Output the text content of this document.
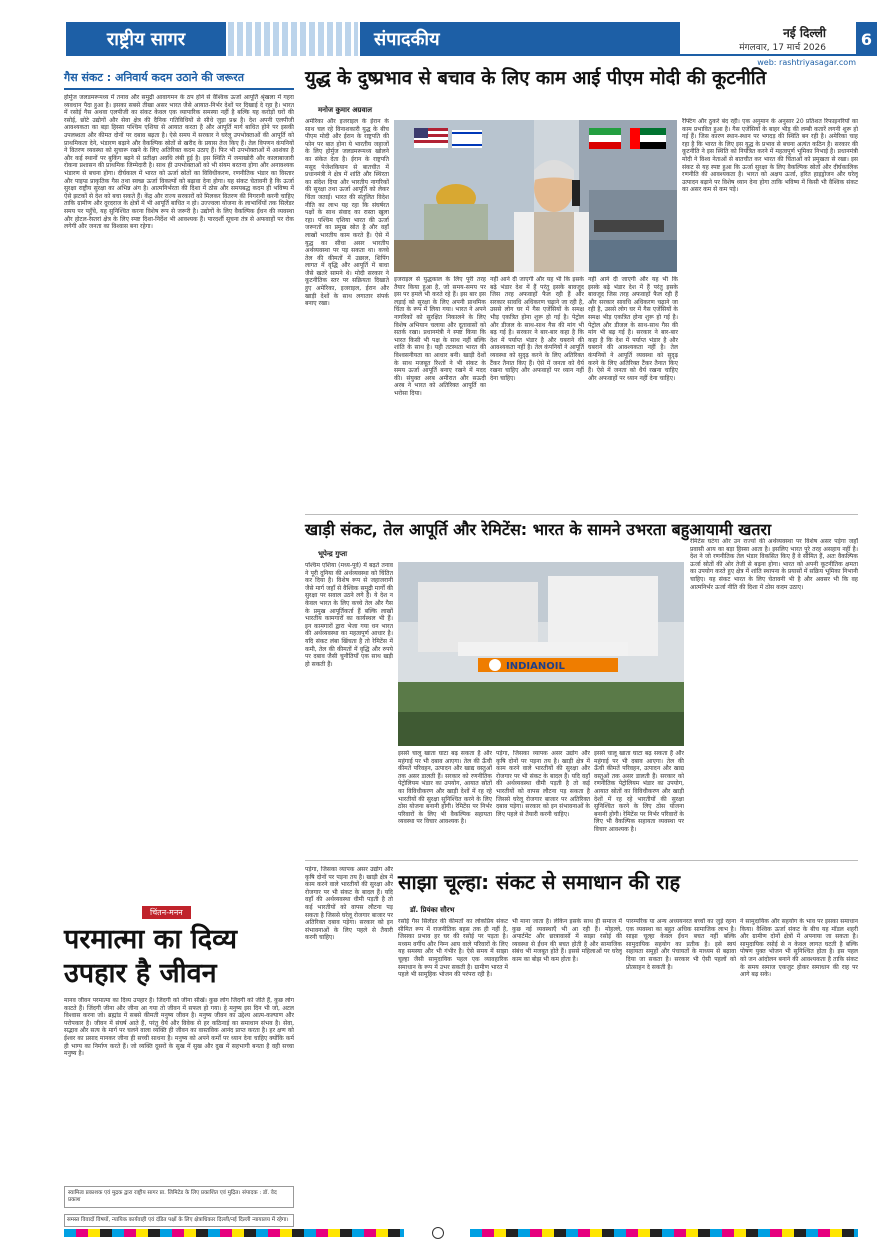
राष्ट्रीय सागर	संपादकीय	नई दिल्ली
मंगलवार, 17 मार्च 2026	6
web: rashtriyasagar.com
गैस संकट : अनिवार्य कदम उठाने की जरूरत
होर्मुज जलडमरूमध्य में तनाव और समुद्री आवागमन के ठप होने से वैश्विक ऊर्जा आपूर्ति श्रृंखला में गहरा व्यवधान पैदा हुआ है। इसका सबसे तीखा असर भारत जैसे आयात-निर्भर देशों पर दिखाई दे रहा है। भारत में रसोई गैस अथवा एलपीजी का संकट केवल एक व्यापारिक समस्या नहीं है बल्कि यह करोड़ों घरों की रसोई, छोटे उद्योगों और सेवा क्षेत्र की दैनिक गतिविधियों से सीधे जुड़ा प्रश्न है। देश अपनी एलपीजी आवश्यकता का बड़ा हिस्सा पश्चिम एशिया से आयात करता है और आपूर्ति मार्ग बाधित होने पर इसकी उपलब्धता और कीमत दोनों पर दबाव बढ़ता है। ऐसे समय में सरकार ने घरेलू उपभोक्ताओं की आपूर्ति को प्राथमिकता देने, भंडारण बढ़ाने और वैकल्पिक स्रोतों से खरीद के प्रयास तेज किए हैं। तेल विपणन कंपनियों ने वितरण व्यवस्था को सुचारू रखने के लिए अतिरिक्त कदम उठाए हैं। फिर भी उपभोक्ताओं में आशंका है और कई स्थानों पर बुकिंग बढ़ने से प्रतीक्षा अवधि लंबी हुई है। इस स्थिति में जमाखोरी और कालाबाजारी रोकना प्रशासन की प्राथमिक जिम्मेदारी है। साथ ही उपभोक्ताओं को भी संयम बरतना होगा और अनावश्यक भंडारण से बचना होगा। दीर्घकाल में भारत को ऊर्जा स्रोतों का विविधीकरण, रणनीतिक भंडार का विस्तार और पाइप्ड प्राकृतिक गैस तथा स्वच्छ ऊर्जा विकल्पों को बढ़ावा देना होगा। यह संकट चेतावनी है कि ऊर्जा सुरक्षा राष्ट्रीय सुरक्षा का अभिन्न अंग है। आत्मनिर्भरता की दिशा में ठोस और समयबद्ध कदम ही भविष्य में ऐसे झटकों से देश को बचा सकते हैं। केंद्र और राज्य सरकारों को मिलकर वितरण की निगरानी करनी चाहिए ताकि ग्रामीण और दूरदराज के क्षेत्रों में भी आपूर्ति बाधित न हो। उज्ज्वला योजना के लाभार्थियों तक सिलेंडर समय पर पहुँचे, यह सुनिश्चित करना विशेष रूप से जरूरी है। उद्योगों के लिए वैकल्पिक ईंधन की व्यवस्था और होटल-रेस्तरां क्षेत्र के लिए स्पष्ट दिशा-निर्देश भी आवश्यक हैं। पारदर्शी सूचना तंत्र से अफवाहों पर रोक लगेगी और जनता का विश्वास बना रहेगा।
चिंतन-मनन
परमात्मा का दिव्य उपहार है जीवन
मानव जीवन परमात्मा का दिव्य उपहार है। जिंदगी को जीना सीखें। कुछ लोग जिंदगी को जीते हैं, कुछ लोग काटते हैं। जिंदगी जीना और जीना आ गया तो जीवन में सफल हो गया। हे मनुष्य इस दिन भी जो, अटल विश्वास करना जो। ब्रह्मांड में सबसे कीमती मनुष्य जीवन है। मनुष्य जीवन का उद्देश्य आत्म-कल्याण और परोपकार है। जीवन में संघर्ष आते हैं, परंतु धैर्य और विवेक से हर कठिनाई का समाधान संभव है। सेवा, सद्भाव और सत्य के मार्ग पर चलने वाला व्यक्ति ही जीवन का वास्तविक आनंद प्राप्त करता है। हर क्षण को ईश्वर का प्रसाद मानकर जीना ही सच्ची साधना है। मनुष्य को अपने कर्मों पर ध्यान देना चाहिए क्योंकि कर्म ही भाग्य का निर्माण करते हैं। जो व्यक्ति दूसरों के सुख में सुख और दुख में सहभागी बनता है वही सच्चा मनुष्य है।
स्वामित्व प्रकाशक एवं मुद्रक द्वारा राष्ट्रीय सागर प्रा. लिमिटेड के लिए प्रकाशित एवं मुद्रित। संपादक : डॉ. वेद प्रकाश
समस्त विवादों विषयों, न्यायिक कार्यवाही एवं दंडित पक्षों के लिए क्षेत्राधिकार दिल्ली/नई दिल्ली न्यायालय में रहेगा।
युद्ध के दुष्प्रभाव से बचाव के लिए काम आई पीएम मोदी की कूटनीति
मनोज कुमार अग्रवाल
अमेरिका और इजराइल के ईरान के साथ चल रहे विनाशकारी युद्ध के बीच पीएम मोदी और ईरान के राष्ट्रपति की फोन पर बात होना ये भारतीय जहाजों के लिए होर्मुज जलडमरूमध्य खोलने का संकेत देता है। ईरान के राष्ट्रपति मसूद पेजेशकियान से बातचीत में प्रधानमंत्री ने क्षेत्र में शांति और स्थिरता का संदेश दिया और भारतीय नागरिकों की सुरक्षा तथा ऊर्जा आपूर्ति को लेकर चिंता जताई। भारत की संतुलित विदेश नीति का लाभ यह रहा कि संघर्षरत पक्षों के साथ संवाद का रास्ता खुला रहा। पश्चिम एशिया भारत की ऊर्जा जरूरतों का प्रमुख स्रोत है और वहाँ लाखों भारतीय काम करते हैं। ऐसे में युद्ध का सीधा असर भारतीय अर्थव्यवस्था पर पड़ सकता था। कच्चे तेल की कीमतों में उछाल, शिपिंग लागत में वृद्धि और आपूर्ति में बाधा जैसे खतरे सामने थे। मोदी सरकार ने कूटनीतिक स्तर पर सक्रियता दिखाते हुए अमेरिका, इजराइल, ईरान और खाड़ी देशों के साथ लगातार संपर्क बनाए रखा।
इजराइल से युद्धकाल के लिए पूरी तरह तैयार किया हुआ है, जो समय-समय पर इस पर हमले भी करते रहे हैं। इस बार इस लड़ाई को सुरक्षा के लिए अपनी प्राथमिक चिंता के रूप में लिया गया। भारत ने अपने नागरिकों को सुरक्षित निकालने के लिए विशेष अभियान चलाया और दूतावासों को सतर्क रखा। प्रधानमंत्री ने स्पष्ट किया कि भारत किसी भी पक्ष के साथ नहीं बल्कि शांति के साथ है। यही तटस्थता भारत की विश्वसनीयता का आधार बनी। खाड़ी देशों के साथ मजबूत रिश्तों ने भी संकट के समय ऊर्जा आपूर्ति बनाए रखने में मदद की। संयुक्त अरब अमीरात और सऊदी अरब ने भारत को अतिरिक्त आपूर्ति का भरोसा दिया।
नहीं आने दी जाएगी और यह भी कि इसके बढ़े भंडार देश में हैं परंतु इसके बावजूद जिस तरह अफवाहों फैल रही हैं और सरकार सावधि अधिकरण चढ़ाने जा रही है, उससे लोग घर में गैस एजेंसियों के समक्ष भीड़ एकत्रित होना शुरू हो गई है। पेट्रोल और डीजल के साथ-साथ गैस की मांग भी बढ़ गई है। सरकार ने बार-बार कहा है कि देश में पर्याप्त भंडार है और घबराने की आवश्यकता नहीं है। तेल कंपनियों ने आपूर्ति व्यवस्था को सुदृढ़ करने के लिए अतिरिक्त टैंकर तैनात किए हैं। ऐसे में जनता को धैर्य रखना चाहिए और अफवाहों पर ध्यान नहीं देना चाहिए।
नहीं आने दी जाएगी और यह भी कि इसके बढ़े भंडार देश में हैं परंतु इसके बावजूद जिस तरह अफवाहों फैल रही हैं और सरकार सावधि अधिकरण चढ़ाने जा रही है, उससे लोग घर में गैस एजेंसियों के समक्ष भीड़ एकत्रित होना शुरू हो गई है। पेट्रोल और डीजल के साथ-साथ गैस की मांग भी बढ़ गई है। सरकार ने बार-बार कहा है कि देश में पर्याप्त भंडार है और घबराने की आवश्यकता नहीं है। तेल कंपनियों ने आपूर्ति व्यवस्था को सुदृढ़ करने के लिए अतिरिक्त टैंकर तैनात किए हैं। ऐसे में जनता को धैर्य रखना चाहिए और अफवाहों पर ध्यान नहीं देना चाहिए।
रैफ्टिंग और ठुकरे बंद रही। एक अनुमान के अनुसार 20 प्रतिशत रिफाइनरियों का काम प्रभावित हुआ है। गैस एजेंसियों के बाहर भीड़ की लम्बी कतारें लगनी शुरू हो गई हैं। जिस कारण स्थान-स्थान पर भगदड़ की स्थिति बन रही है। अमेरिका चाह रहा है कि भारत के लिए इस युद्ध के प्रभाव से बचना अत्यंत कठिन है। सरकार की कूटनीति ने इस स्थिति को नियंत्रित करने में महत्वपूर्ण भूमिका निभाई है। प्रधानमंत्री मोदी ने विश्व नेताओं से बातचीत कर भारत की चिंताओं को प्रमुखता से रखा। इस संकट से यह स्पष्ट हुआ कि ऊर्जा सुरक्षा के लिए वैकल्पिक स्रोतों और दीर्घकालिक रणनीति की आवश्यकता है। भारत को अक्षय ऊर्जा, हरित हाइड्रोजन और घरेलू उत्पादन बढ़ाने पर विशेष ध्यान देना होगा ताकि भविष्य में किसी भी वैश्विक संकट का असर कम से कम पड़े।
खाड़ी संकट, तेल आपूर्ति और रेमिटेंस: भारत के सामने उभरता बहुआयामी खतरा
भूपेन्द्र गुप्ता
पश्चिम एशिया (मध्य-पूर्व) में बढ़ते तनाव ने पूरी दुनिया की अर्थव्यवस्था को चिंतित कर दिया है। विशेष रूप से जहाजरानी जैसे मार्ग जहाँ से वैश्विक समुद्री मार्गों की सुरक्षा पर सवाल उठने लगे हैं। ये देश न केवल भारत के लिए कच्चे तेल और गैस के प्रमुख आपूर्तिकर्ता हैं बल्कि लाखों भारतीय कामगारों का कार्यस्थल भी हैं। इन कामगारों द्वारा भेजा गया धन भारत की अर्थव्यवस्था का महत्वपूर्ण आधार है। यदि संकट लंबा खिंचता है तो रेमिटेंस में कमी, तेल की कीमतों में वृद्धि और रुपये पर दबाव जैसी चुनौतियाँ एक साथ खड़ी हो सकती हैं।	INDIANOIL
इससे चालू खाता घाटा बढ़ सकता है और महंगाई पर भी दबाव आएगा। तेल की ऊँची कीमतें परिवहन, उत्पादन और खाद्य वस्तुओं तक असर डालती हैं। सरकार को रणनीतिक पेट्रोलियम भंडार का उपयोग, आयात स्रोतों का विविधीकरण और खाड़ी देशों में रह रहे भारतीयों की सुरक्षा सुनिश्चित करने के लिए ठोस योजना बनानी होगी। रेमिटेंस पर निर्भर परिवारों के लिए भी वैकल्पिक सहायता व्यवस्था पर विचार आवश्यक है।
पड़ेगा, जिसका व्यापक असर उद्योग और कृषि दोनों पर पड़ना तय है। खाड़ी क्षेत्र में काम करने वाले भारतीयों की सुरक्षा और रोजगार पर भी संकट के बादल हैं। यदि वहाँ की अर्थव्यवस्था धीमी पड़ती है तो कई भारतीयों को वापस लौटना पड़ सकता है जिससे घरेलू रोजगार बाजार पर अतिरिक्त दबाव पड़ेगा। सरकार को इन संभावनाओं के लिए पहले से तैयारी करनी चाहिए।
इससे चालू खाता घाटा बढ़ सकता है और महंगाई पर भी दबाव आएगा। तेल की ऊँची कीमतें परिवहन, उत्पादन और खाद्य वस्तुओं तक असर डालती हैं। सरकार को रणनीतिक पेट्रोलियम भंडार का उपयोग, आयात स्रोतों का विविधीकरण और खाड़ी देशों में रह रहे भारतीयों की सुरक्षा सुनिश्चित करने के लिए ठोस योजना बनानी होगी। रेमिटेंस पर निर्भर परिवारों के लिए भी वैकल्पिक सहायता व्यवस्था पर विचार आवश्यक है।
रेमिटेंस घटेगा और उन राज्यों की अर्थव्यवस्था पर विशेष असर पड़ेगा जहाँ प्रवासी आय का बड़ा हिस्सा आता है। इसलिए भारत पूरे तरह असहाय नहीं है। देश ने जो रणनीतिक तेल भंडार विकसित किए हैं वे सीमित हैं, अतः वैकल्पिक ऊर्जा स्रोतों की ओर तेजी से बढ़ना होगा। भारत को अपनी कूटनीतिक क्षमता का उपयोग करते हुए क्षेत्र में शांति स्थापना के प्रयासों में सक्रिय भूमिका निभानी चाहिए। यह संकट भारत के लिए चेतावनी भी है और अवसर भी कि वह आत्मनिर्भर ऊर्जा नीति की दिशा में ठोस कदम उठाए।
पड़ेगा, जिसका व्यापक असर उद्योग और कृषि दोनों पर पड़ना तय है। खाड़ी क्षेत्र में काम करने वाले भारतीयों की सुरक्षा और रोजगार पर भी संकट के बादल हैं। यदि वहाँ की अर्थव्यवस्था धीमी पड़ती है तो कई भारतीयों को वापस लौटना पड़ सकता है जिससे घरेलू रोजगार बाजार पर अतिरिक्त दबाव पड़ेगा। सरकार को इन संभावनाओं के लिए पहले से तैयारी करनी चाहिए।
साझा चूल्हा: संकट से समाधान की राह
डॉ. प्रियंका सौरभ
रसोई गैस सिलेंडर की कीमतों का लोकप्रिय संकट सीमित रूप में राजनीतिक बहस तक ही नहीं है, जिसका प्रभाव हर घर की रसोई पर पड़ता है। मध्यम वर्गीय और निम्न आय वाले परिवारों के लिए यह समस्या और भी गंभीर है। ऐसे समय में साझा चूल्हा जैसी सामुदायिक पहल एक व्यावहारिक समाधान के रूप में उभर सकती है। ग्रामीण भारत में पहले भी सामूहिक भोजन की परंपरा रही है।
भी माना जाता है। लेकिन इसके साथ ही समाज में कुछ नई व्यवस्थाएँ भी आ रही हैं। मोहल्ले, अपार्टमेंट और छात्रावासों में साझा रसोई की व्यवस्था से ईंधन की बचत होती है और सामाजिक संबंध भी मजबूत होते हैं। इससे महिलाओं पर घरेलू काम का बोझ भी कम होता है।
पारम्परिक या अन्य अध्ययनरत बच्चों का जुड़े रहना एक व्यवस्था का बहुत अधिक सामाजिक लाभ है। साझा चूल्हा केवल ईंधन बचत नहीं बल्कि सामुदायिक सहयोग का प्रतीक है। इसे स्वयं सहायता समूहों और पंचायतों के माध्यम से बढ़ावा दिया जा सकता है। सरकार भी ऐसी पहलों को प्रोत्साहन दे सकती है।
ने सामुदायिक और सहयोग के भाव पर इसका समाधान किया। वैश्विक ऊर्जा संकट के बीच यह मॉडल शहरी और ग्रामीण दोनों क्षेत्रों में अपनाया जा सकता है। सामुदायिक रसोई से न केवल लागत घटती है बल्कि पोषण युक्त भोजन भी सुनिश्चित होता है। इस पहल को जन आंदोलन बनाने की आवश्यकता है ताकि संकट के समय समाज एकजुट होकर समाधान की राह पर आगे बढ़ सके।
